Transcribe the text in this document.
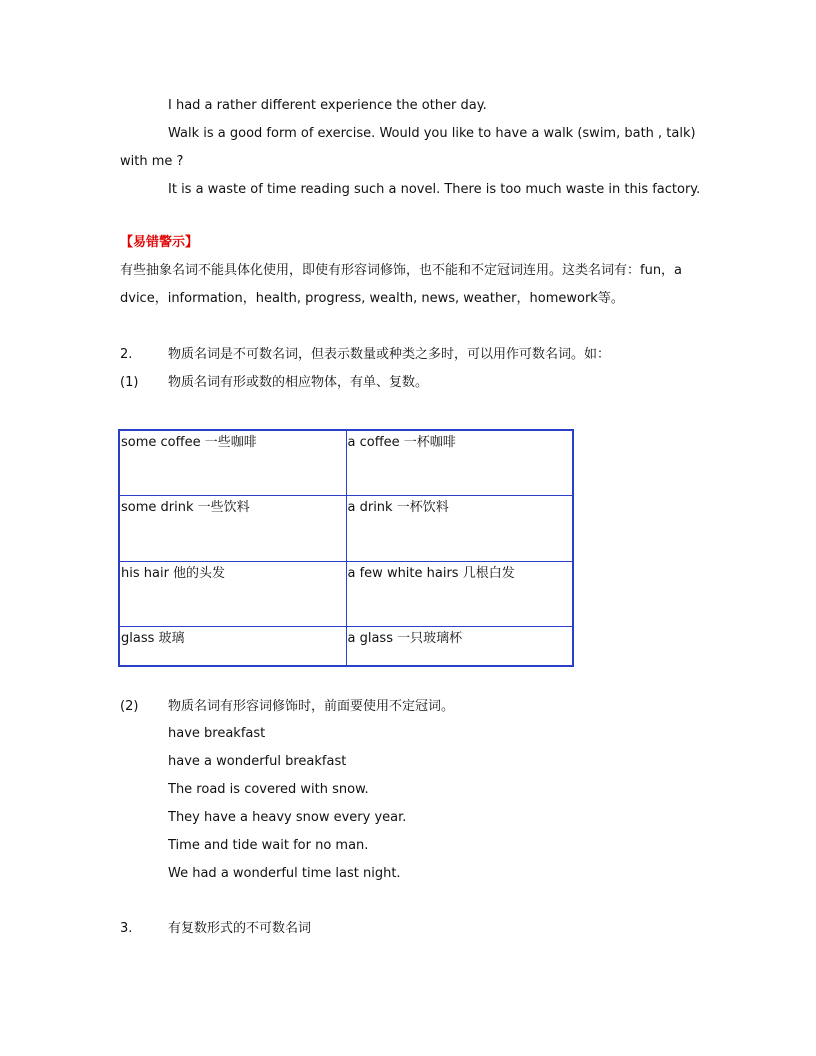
I had a rather different experience the other day.
Walk is a good form of exercise. Would you like to have a walk (swim, bath , talk)
with me ?
It is a waste of time reading such a novel. There is too much waste in this factory.
【易错警示】
有些抽象名词不能具体化使用，即使有形容词修饰，也不能和不定冠词连用。这类名词有：fun，a
dvice，information，health, progress, wealth, news, weather，homework等。
2.	物质名词是不可数名词，但表示数量或种类之多时，可以用作可数名词。如：
(1) 物质名词有形或数的相应物体，有单、复数。
some coffee 一些咖啡	a coffee 一杯咖啡
some drink 一些饮料	a drink 一杯饮料
his hair 他的头发	a few white hairs 几根白发
glass 玻璃	a glass 一只玻璃杯
(2) 物质名词有形容词修饰时，前面要使用不定冠词。
have breakfast
have a wonderful breakfast
The road is covered with snow.
They have a heavy snow every year.
Time and tide wait for no man.
We had a wonderful time last night.
3.	有复数形式的不可数名词
